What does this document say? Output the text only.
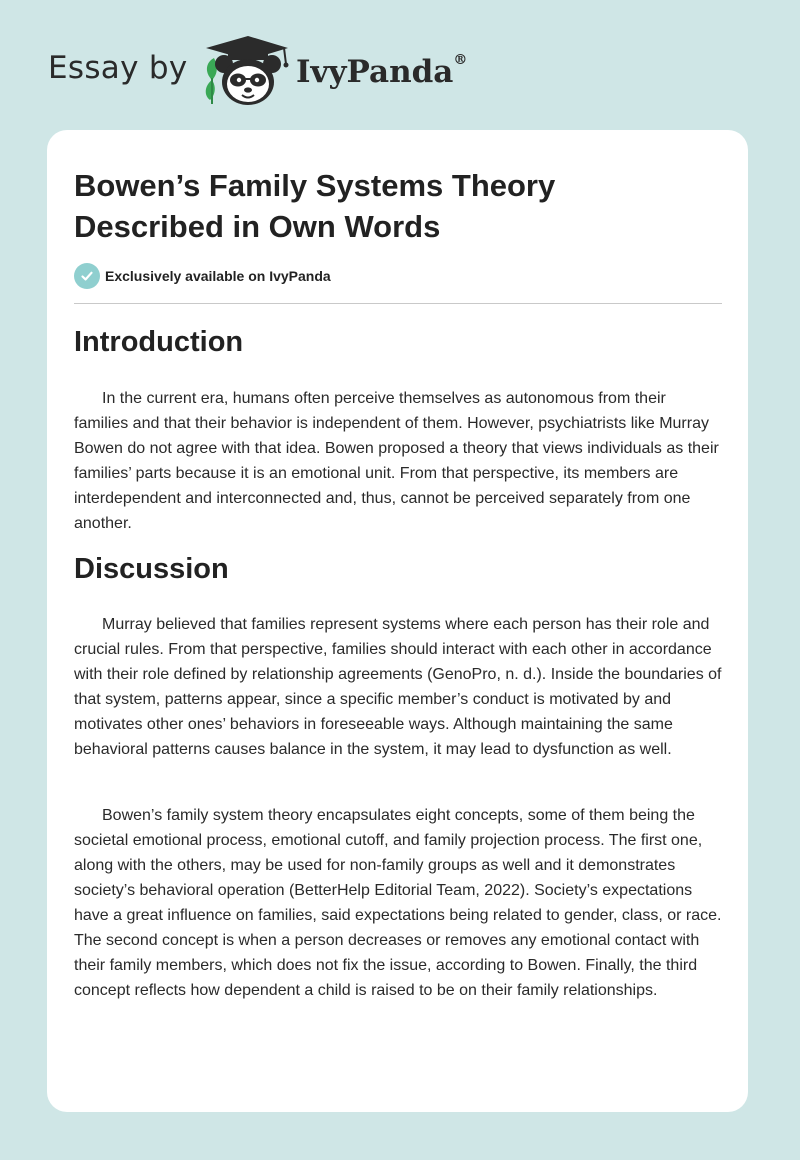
Essay by	IvyPanda®
Bowen’s Family Systems Theory
Described in Own Words
Exclusively available on IvyPanda
Introduction

In the current era, humans often perceive themselves as autonomous from their families and that their behavior is independent of them. However, psychiatrists like Murray Bowen do not agree with that idea. Bowen proposed a theory that views individuals as their families’ parts because it is an emotional unit. From that perspective, its members are interdependent and interconnected and, thus, cannot be perceived separately from one another.

Discussion

Murray believed that families represent systems where each person has their role and crucial rules. From that perspective, families should interact with each other in accordance with their role defined by relationship agreements (GenoPro, n. d.). Inside the boundaries of that system, patterns appear, since a specific member’s conduct is motivated by and motivates other ones’ behaviors in foreseeable ways. Although maintaining the same behavioral patterns causes balance in the system, it may lead to dysfunction as well.

Bowen’s family system theory encapsulates eight concepts, some of them being the societal emotional process, emotional cutoff, and family projection process. The first one, along with the others, may be used for non-family groups as well and it demonstrates society’s behavioral operation (BetterHelp Editorial Team, 2022). Society’s expectations have a great influence on families, said expectations being related to gender, class, or race. The second concept is when a person decreases or removes any emotional contact with their family members, which does not fix the issue, according to Bowen. Finally, the third concept reflects how dependent a child is raised to be on their family relationships.
